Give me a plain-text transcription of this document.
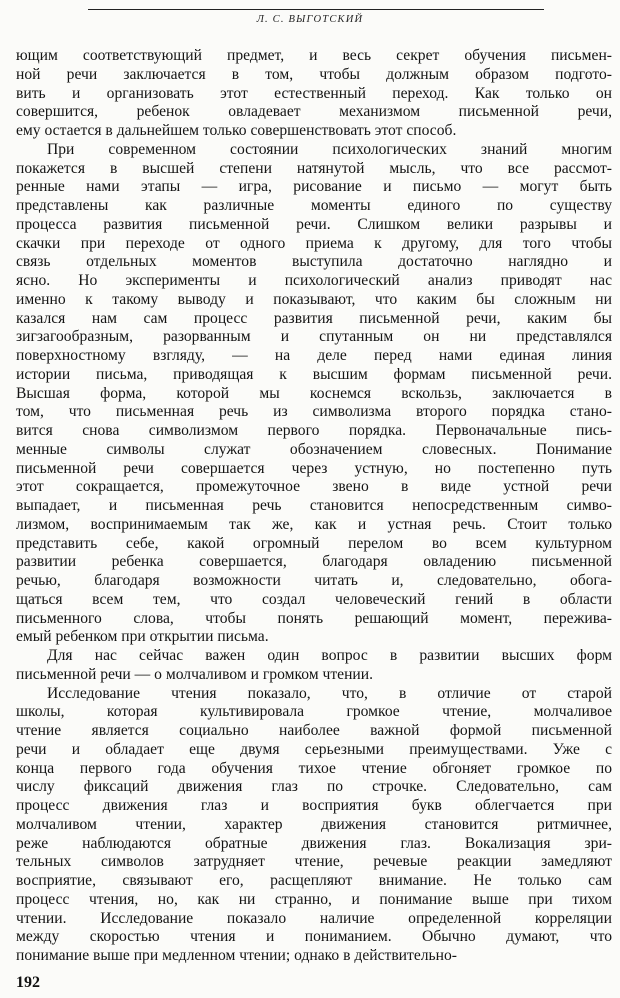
Л. С. ВЫГОТСКИЙ
ющим соответствующий предмет, и весь секрет обучения письмен-
ной речи заключается в том, чтобы должным образом подгото-
вить и организовать этот естественный переход. Как только он
совершится, ребенок овладевает механизмом письменной речи,
ему остается в дальнейшем только совершенствовать этот способ.
При современном состоянии психологических знаний многим
покажется в высшей степени натянутой мысль, что все рассмот-
ренные нами этапы — игра, рисование и письмо — могут быть
представлены как различные моменты единого по существу
процесса развития письменной речи. Слишком велики разрывы и
скачки при переходе от одного приема к другому, для того чтобы
связь отдельных моментов выступила достаточно наглядно и
ясно. Но эксперименты и психологический анализ приводят нас
именно к такому выводу и показывают, что каким бы сложным ни
казался нам сам процесс развития письменной речи, каким бы
зигзагообразным, разорванным и спутанным он ни представлялся
поверхностному взгляду, — на деле перед нами единая линия
истории письма, приводящая к высшим формам письменной речи.
Высшая форма, которой мы коснемся вскользь, заключается в
том, что письменная речь из символизма второго порядка стано-
вится снова символизмом первого порядка. Первоначальные пись-
менные символы служат обозначением словесных. Понимание
письменной речи совершается через устную, но постепенно путь
этот сокращается, промежуточное звено в виде устной речи
выпадает, и письменная речь становится непосредственным симво-
лизмом, воспринимаемым так же, как и устная речь. Стоит только
представить себе, какой огромный перелом во всем культурном
развитии ребенка совершается, благодаря овладению письменной
речью, благодаря возможности читать и, следовательно, обога-
щаться всем тем, что создал человеческий гений в области
письменного слова, чтобы понять решающий момент, пережива-
емый ребенком при открытии письма.
Для нас сейчас важен один вопрос в развитии высших форм
письменной речи — о молчаливом и громком чтении.
Исследование чтения показало, что, в отличие от старой
школы, которая культивировала громкое чтение, молчаливое
чтение является социально наиболее важной формой письменной
речи и обладает еще двумя серьезными преимуществами. Уже с
конца первого года обучения тихое чтение обгоняет громкое по
числу фиксаций движения глаз по строчке. Следовательно, сам
процесс движения глаз и восприятия букв облегчается при
молчаливом чтении, характер движения становится ритмичнее,
реже наблюдаются обратные движения глаз. Вокализация зри-
тельных символов затрудняет чтение, речевые реакции замедляют
восприятие, связывают его, расщепляют внимание. Не только сам
процесс чтения, но, как ни странно, и понимание выше при тихом
чтении. Исследование показало наличие определенной корреляции
между скоростью чтения и пониманием. Обычно думают, что
понимание выше при медленном чтении; однако в действительно-
192
